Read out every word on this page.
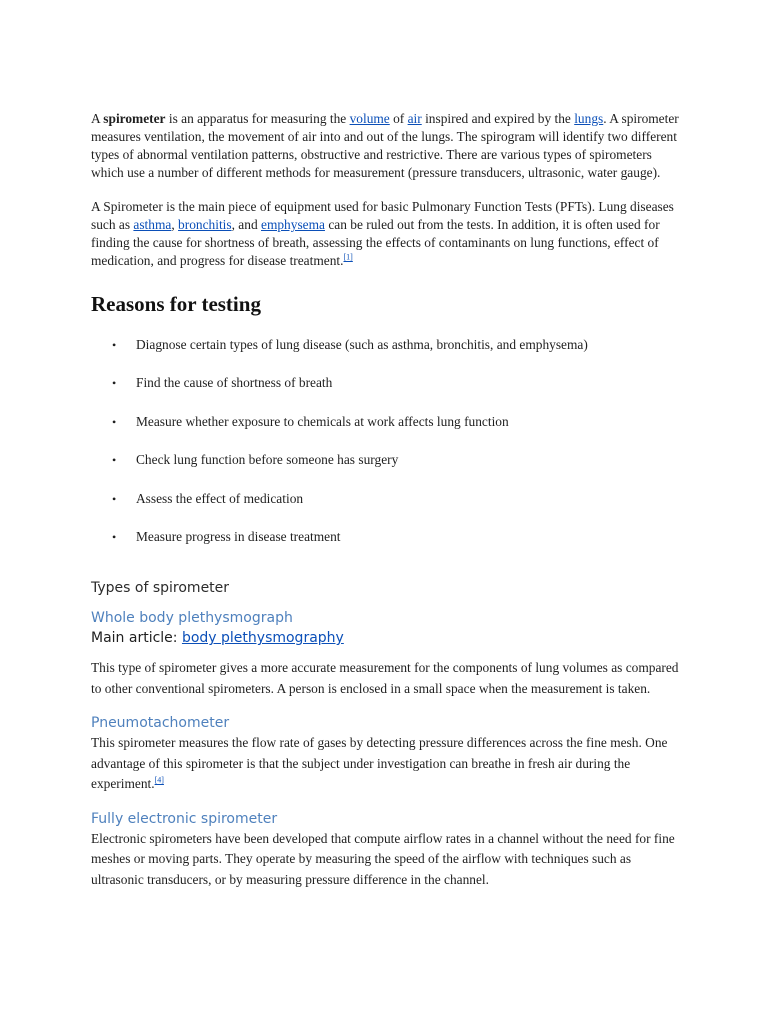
A spirometer is an apparatus for measuring the volume of air inspired and expired by the lungs. A spirometer measures ventilation, the movement of air into and out of the lungs. The spirogram will identify two different types of abnormal ventilation patterns, obstructive and restrictive. There are various types of spirometers which use a number of different methods for measurement (pressure transducers, ultrasonic, water gauge).

A Spirometer is the main piece of equipment used for basic Pulmonary Function Tests (PFTs). Lung diseases such as asthma, bronchitis, and emphysema can be ruled out from the tests. In addition, it is often used for finding the cause for shortness of breath, assessing the effects of contaminants on lung functions, effect of medication, and progress for disease treatment.[1]

Reasons for testing
• Diagnose certain types of lung disease (such as asthma, bronchitis, and emphysema)
• Find the cause of shortness of breath
• Measure whether exposure to chemicals at work affects lung function
• Check lung function before someone has surgery
• Assess the effect of medication
• Measure progress in disease treatment
Types of spirometer
Whole body plethysmograph
Main article: body plethysmography

This type of spirometer gives a more accurate measurement for the components of lung volumes as compared to other conventional spirometers. A person is enclosed in a small space when the measurement is taken.

Pneumotachometer

This spirometer measures the flow rate of gases by detecting pressure differences across the fine mesh. One advantage of this spirometer is that the subject under investigation can breathe in fresh air during the experiment.[4]

Fully electronic spirometer

Electronic spirometers have been developed that compute airflow rates in a channel without the need for fine meshes or moving parts. They operate by measuring the speed of the airflow with techniques such as ultrasonic transducers, or by measuring pressure difference in the channel.
